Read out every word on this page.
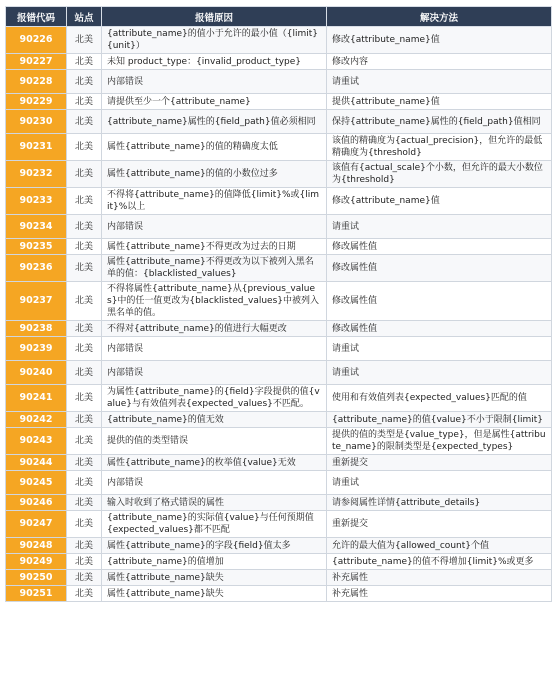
报错代码	站点	报错原因	解决方法
90226	北美	{attribute_name}的值小于允许的最小值（{limit} {unit}）	修改{attribute_name}值
90227	北美	未知 product_type：{invalid_product_type}	修改内容
90228	北美	内部错误	请重试
90229	北美	请提供至少一个{attribute_name}	提供{attribute_name}值
90230	北美	{attribute_name}属性的{field_path}值必须相同	保持{attribute_name}属性的{field_path}值相同
90231	北美	属性{attribute_name}的值的精确度太低	该值的精确度为{actual_precision}，但允许的最低精确度为{threshold}
90232	北美	属性{attribute_name}的值的小数位过多	该值有{actual_scale}个小数，但允许的最大小数位为{threshold}
90233	北美	不得将{attribute_name}的值降低{limit}%或{limit}%以上	修改{attribute_name}值
90234	北美	内部错误	请重试
90235	北美	属性{attribute_name}不得更改为过去的日期	修改属性值
90236	北美	属性{attribute_name}不得更改为以下被列入黑名单的值：{blacklisted_values}	修改属性值
90237	北美	不得将属性{attribute_name}从{previous_values}中的任一值更改为{blacklisted_values}中被列入黑名单的值。	修改属性值
90238	北美	不得对{attribute_name}的值进行大幅更改	修改属性值
90239	北美	内部错误	请重试
90240	北美	内部错误	请重试
90241	北美	为属性{attribute_name}的{field}字段提供的值{value}与有效值列表{expected_values}不匹配。	使用和有效值列表{expected_values}匹配的值
90242	北美	{attribute_name}的值无效	{attribute_name}的值{value}不小于限制{limit}
90243	北美	提供的值的类型错误	提供的值的类型是{value_type}，但是属性{attribute_name}的限制类型是{expected_types}
90244	北美	属性{attribute_name}的枚举值{value}无效	重新提交
90245	北美	内部错误	请重试
90246	北美	输入时收到了格式错误的属性	请参阅属性详情{attribute_details}
90247	北美	{attribute_name}的实际值{value}与任何预期值{expected_values}都不匹配	重新提交
90248	北美	属性{attribute_name}的字段{field}值太多	允许的最大值为{allowed_count}个值
90249	北美	{attribute_name}的值增加	{attribute_name}的值不得增加{limit}%或更多
90250	北美	属性{attribute_name}缺失	补充属性
90251	北美	属性{attribute_name}缺失	补充属性
